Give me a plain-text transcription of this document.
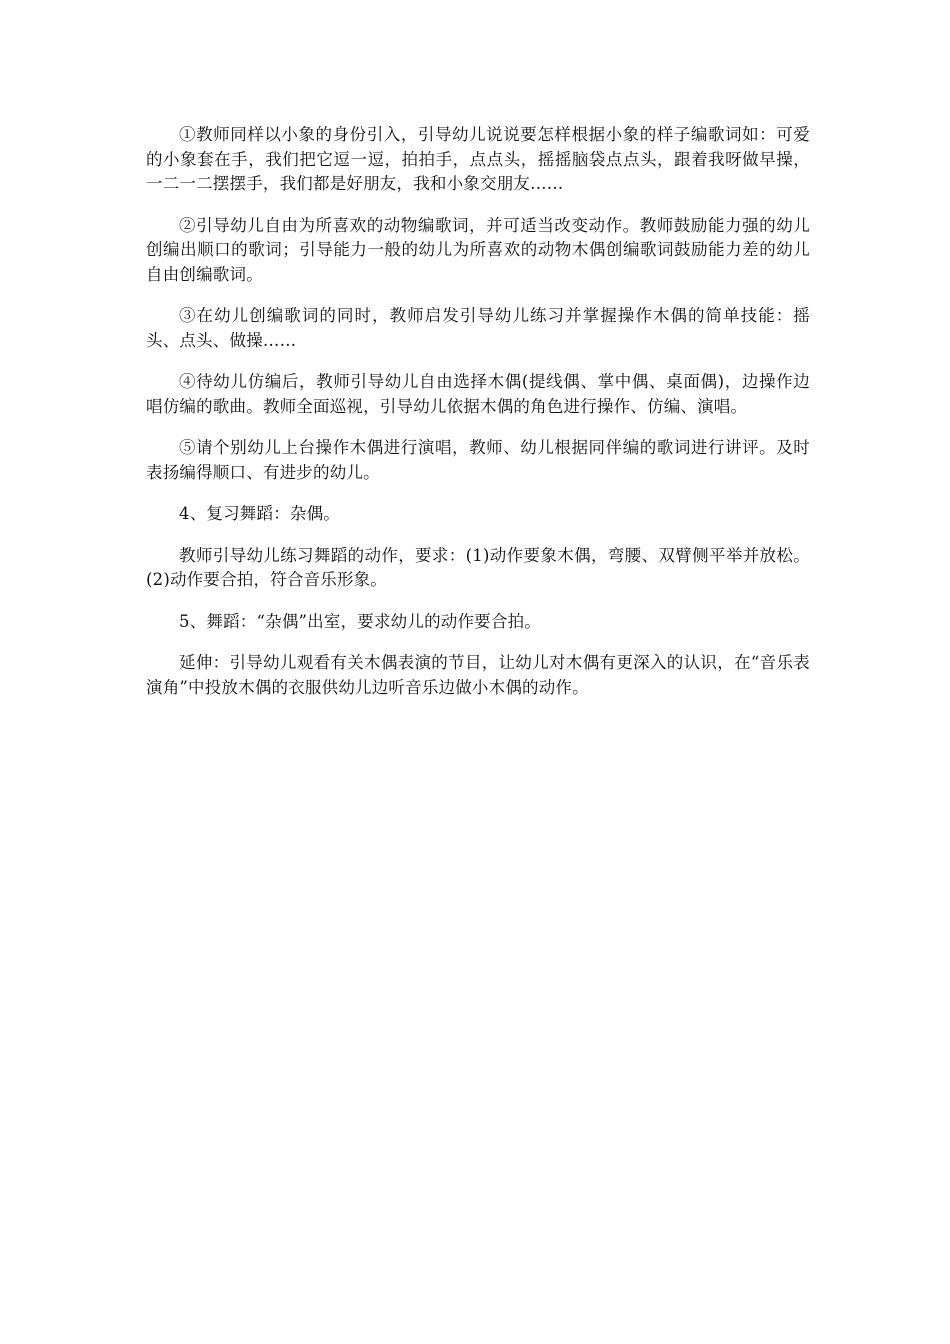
①教师同样以小象的身份引入，引导幼儿说说要怎样根据小象的样子编歌词如：可爱的小象套在手，我们把它逗一逗，拍拍手，点点头，摇摇脑袋点点头，跟着我呀做早操，一二一二摆摆手，我们都是好朋友，我和小象交朋友……

②引导幼儿自由为所喜欢的动物编歌词，并可适当改变动作。教师鼓励能力强的幼儿创编出顺口的歌词；引导能力一般的幼儿为所喜欢的动物木偶创编歌词鼓励能力差的幼儿自由创编歌词。

③在幼儿创编歌词的同时，教师启发引导幼儿练习并掌握操作木偶的简单技能：摇头、点头、做操……

④待幼儿仿编后，教师引导幼儿自由选择木偶(提线偶、掌中偶、桌面偶)，边操作边唱仿编的歌曲。教师全面巡视，引导幼儿依据木偶的角色进行操作、仿编、演唱。

⑤请个别幼儿上台操作木偶进行演唱，教师、幼儿根据同伴编的歌词进行讲评。及时表扬编得顺口、有进步的幼儿。

4、复习舞蹈：杂偶。

教师引导幼儿练习舞蹈的动作，要求：(1)动作要象木偶，弯腰、双臂侧平举并放松。(2)动作要合拍，符合音乐形象。

5、舞蹈：“杂偶”出室，要求幼儿的动作要合拍。

延伸：引导幼儿观看有关木偶表演的节目，让幼儿对木偶有更深入的认识，在“音乐表演角”中投放木偶的衣服供幼儿边听音乐边做小木偶的动作。
